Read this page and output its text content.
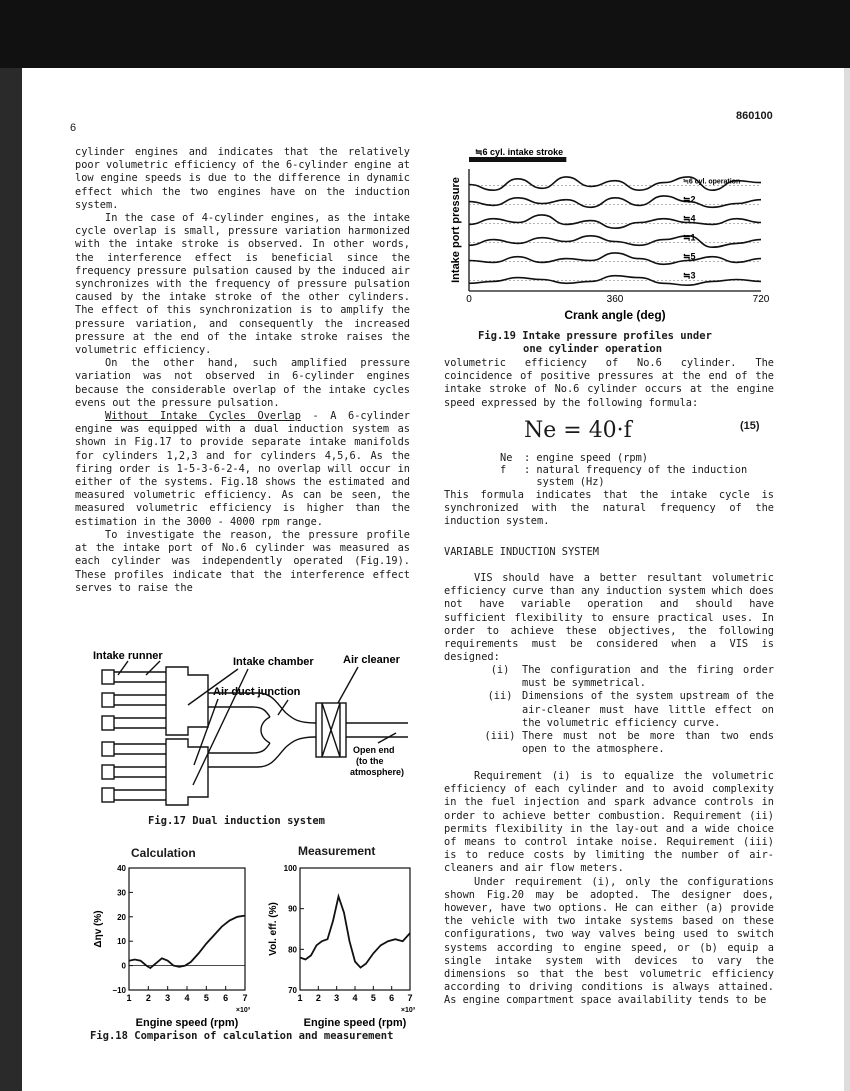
6
860100

cylinder engines and indicates that the relatively poor volumetric efficiency of the 6-cylinder engine at low engine speeds is due to the difference in dynamic effect which the two engines have on the induction system.

In the case of 4-cylinder engines, as the intake cycle overlap is small, pressure variation harmonized with the intake stroke is observed. In other words, the interference effect is beneficial since the frequency pressure pulsation caused by the induced air synchronizes with the frequency of pressure pulsation caused by the intake stroke of the other cylinders. The effect of this synchronization is to amplify the pressure variation, and consequently the increased pressure at the end of the intake stroke raises the volumetric efficiency.

On the other hand, such amplified pressure variation was not observed in 6-cylinder engines because the considerable overlap of the intake cycles evens out the pressure pulsation.

Without Intake Cycles Overlap - A 6-cylinder engine was equipped with a dual induction system as shown in Fig.17 to provide separate intake manifolds for cylinders 1,2,3 and for cylinders 4,5,6. As the firing order is 1-5-3-6-2-4, no overlap will occur in either of the systems. Fig.18 shows the estimated and measured volumetric efficiency. As can be seen, the measured volumetric efficiency is higher than the estimation in the 3000 - 4000 rpm range.

To investigate the reason, the pressure profile at the intake port of No.6 cylinder was measured as each cylinder was independently operated (Fig.19). These profiles indicate that the interference effect serves to raise the

Intake runner	Intake chamber	Air cleaner
Air duct junction
Open end
(to the
atmosphere)
Fig.17 Dual induction system
Calculation	Measurement
1 2 3 4 5 6 7
40
30
20
10
0
−10
Δηv (%)
×10³
Engine speed (rpm)
1 2 3 4 5 6 7
100
90
80
70
Vol. eff. (%)
×10³
Engine speed (rpm)
Fig.18 Comparison of calculation and measurement
0	360	720
≒6 cyl. intake stroke
≒6 cyl. operation
≒2
≒4
≒1
≒5
≒3
Intake port pressure
Crank angle (deg)
Fig.19 Intake pressure profiles under
one cylinder operation
volumetric efficiency of No.6 cylinder. The coincidence of positive pressures at the end of the intake stroke of No.6 cylinder occurs at the engine speed expressed by the following formula:
Ne = 40·f	(15)
Ne	: engine speed (rpm)
f	: natural frequency of the induction
system (Hz)
This formula indicates that the intake cycle is synchronized with the natural frequency of the induction system.
VARIABLE INDUCTION SYSTEM

VIS should have a better resultant volumetric efficiency curve than any induction system which does not have variable operation and should have sufficient flexibility to ensure practical uses. In order to achieve these objectives, the following requirements must be considered when a VIS is designed:

(i)	The configuration and the firing order must be symmetrical.
(ii) Dimensions of the system upstream of the air-cleaner must have little effect on the volumetric efficiency curve.
(iii) There must not be more than two ends open to the atmosphere.

Requirement (i) is to equalize the volumetric efficiency of each cylinder and to avoid complexity in the fuel injection and spark advance controls in order to achieve better combustion. Requirement (ii) permits flexibility in the lay-out and a wide choice of means to control intake noise. Requirement (iii) is to reduce costs by limiting the number of air-cleaners and air flow meters.

Under requirement (i), only the configurations shown Fig.20 may be adopted. The designer does, however, have two options. He can either (a) provide the vehicle with two intake systems based on these configurations, two way valves being used to switch systems according to engine speed, or (b) equip a single intake system with devices to vary the dimensions so that the best volumetric efficiency according to driving conditions is always attained. As engine compartment space availability tends to be
